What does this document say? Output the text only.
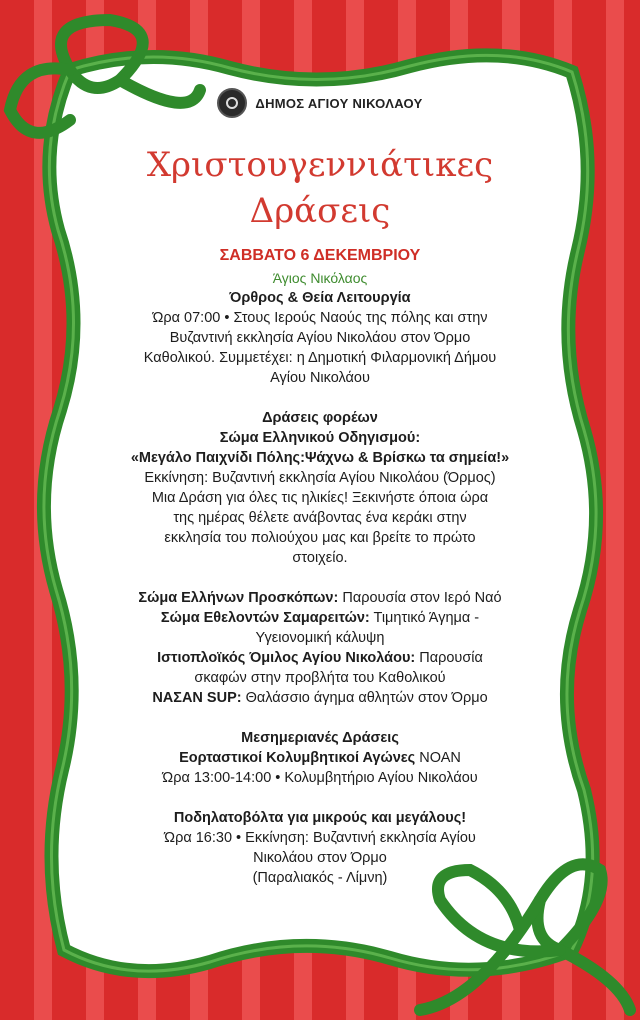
ΔΗΜΟΣ ΑΓΙΟΥ ΝΙΚΟΛΑΟΥ
Χριστουγεννιάτικες
Δράσεις
ΣΑΒΒΑΤΟ 6 ΔΕΚΕΜΒΡΙΟΥ
Άγιος Νικόλαος
Όρθρος & Θεία Λειτουργία
Ώρα 07:00 • Στους Ιερούς Ναούς της πόλης και στην
Βυζαντινή εκκλησία Αγίου Νικολάου στον Όρμο
Καθολικού. Συμμετέχει: η Δημοτική Φιλαρμονική Δήμου
Αγίου Νικολάου
Δράσεις φορέων
Σώμα Ελληνικού Οδηγισμού:
«Μεγάλο Παιχνίδι Πόλης:Ψάχνω & Βρίσκω τα σημεία!»
Εκκίνηση: Βυζαντινή εκκλησία Αγίου Νικολάου (Όρμος)
Μια Δράση για όλες τις ηλικίες! Ξεκινήστε όποια ώρα
της ημέρας θέλετε ανάβοντας ένα κεράκι στην
εκκλησία του πολιούχου μας και βρείτε το πρώτο
στοιχείο.
Σώμα Ελλήνων Προσκόπων: Παρουσία στον Ιερό Ναό
Σώμα Εθελοντών Σαμαρειτών: Τιμητικό Άγημα -
Υγειονομική κάλυψη
Ιστιοπλοϊκός Όμιλος Αγίου Νικολάου: Παρουσία
σκαφών στην προβλήτα του Καθολικού
ΝΑΣΑΝ SUP: Θαλάσσιο άγημα αθλητών στον Όρμο
Μεσημεριανές Δράσεις
Εορταστικοί Κολυμβητικοί Αγώνες ΝΟΑΝ
Ώρα 13:00-14:00 • Κολυμβητήριο Αγίου Νικολάου
Ποδηλατοβόλτα για μικρούς και μεγάλους!
Ώρα 16:30 • Εκκίνηση: Βυζαντινή εκκλησία Αγίου
Νικολάου στον Όρμο
(Παραλιακός - Λίμνη)
